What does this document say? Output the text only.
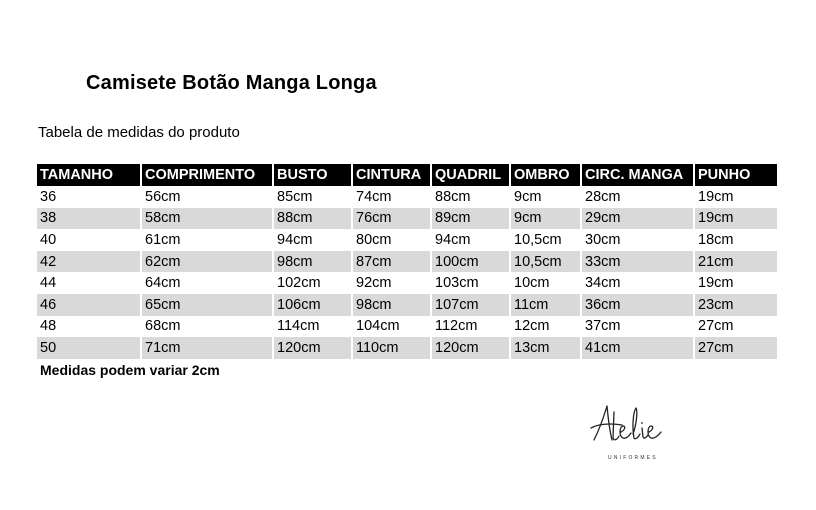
Camisete Botão Manga Longa
Tabela de medidas do produto
TAMANHO	COMPRIMENTO	BUSTO	CINTURA	QUADRIL	OMBRO	CIRC. MANGA	PUNHO
36	56cm	85cm	74cm	88cm	9cm	28cm	19cm
38	58cm	88cm	76cm	89cm	9cm	29cm	19cm
40	61cm	94cm	80cm	94cm	10,5cm	30cm	18cm
42	62cm	98cm	87cm	100cm	10,5cm	33cm	21cm
44	64cm	102cm	92cm	103cm	10cm	34cm	19cm
46	65cm	106cm	98cm	107cm	11cm	36cm	23cm
48	68cm	114cm	104cm	112cm	12cm	37cm	27cm
50	71cm	120cm	110cm	120cm	13cm	41cm	27cm
Medidas podem variar 2cm
UNIFORMES
